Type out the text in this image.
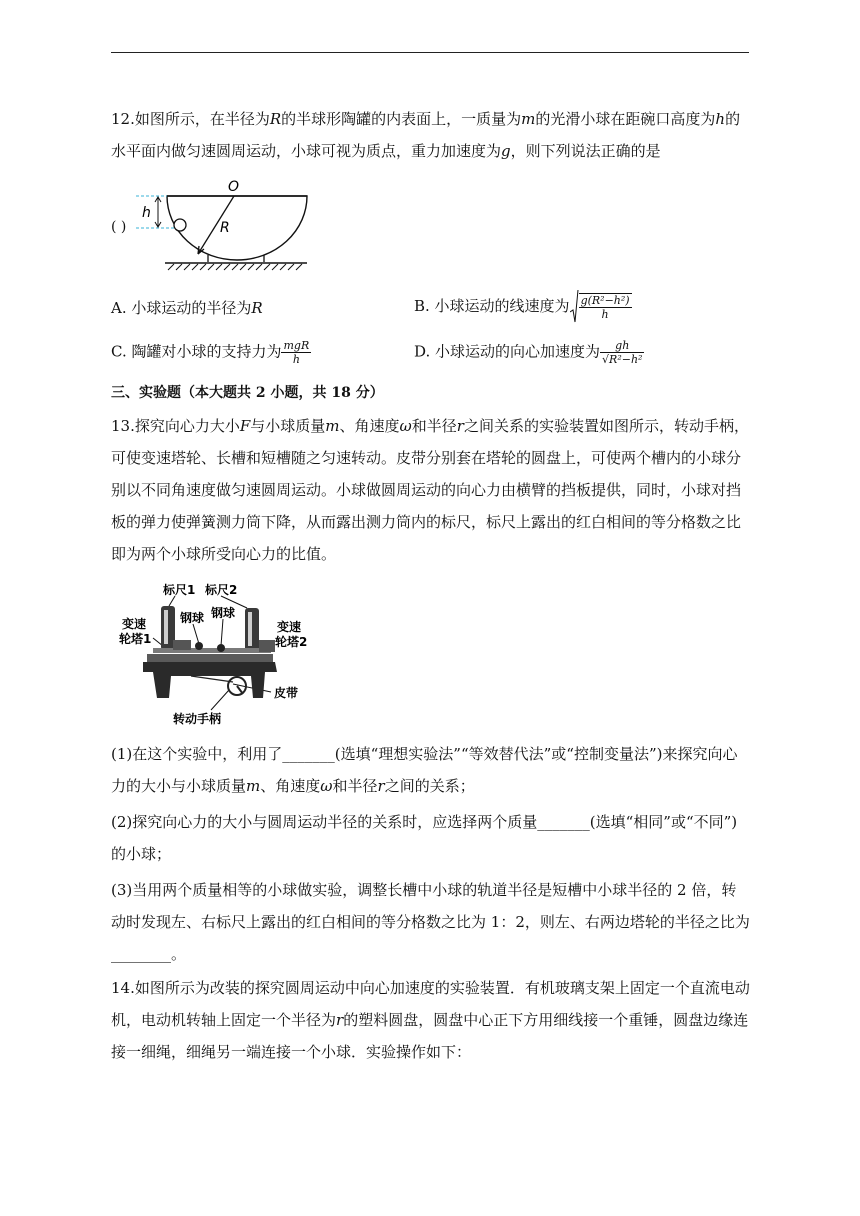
12.如图所示，在半径为R的半球形陶罐的内表面上，一质量为m的光滑小球在距碗口高度为h的水平面内做匀速圆周运动，小球可视为质点，重力加速度为g，则下列说法正确的是

( )
h
O
R
A. 小球运动的半径为R	B. 小球运动的线速度为 $\frac{\text{g(R²−h²)}}{h}$
C. 陶罐对小球的支持力为 $\frac{\text{mgR}}{h}$	D. 小球运动的向心加速度为 $\frac{gh}{\text{√R²−h²}}$
三、实验题（本大题共 2 小题，共 18 分）

13.探究向心力大小F与小球质量m、角速度ω和半径r之间关系的实验装置如图所示，转动手柄，可使变速塔轮、长槽和短槽随之匀速转动。皮带分别套在塔轮的圆盘上，可使两个槽内的小球分别以不同角速度做匀速圆周运动。小球做圆周运动的向心力由横臂的挡板提供，同时，小球对挡板的弹力使弹簧测力筒下降，从而露出测力筒内的标尺，标尺上露出的红白相间的等分格数之比即为两个小球所受向心力的比值。

标尺1 标尺2
钢球 钢球
变速
轮塔1
变速
轮塔2
皮带
转动手柄

(1)在这个实验中，利用了_______(选填“理想实验法”“等效替代法”或“控制变量法”)来探究向心力的大小与小球质量m、角速度ω和半径r之间的关系；

(2)探究向心力的大小与圆周运动半径的关系时，应选择两个质量_______(选填“相同”或“不同”)的小球；

(3)当用两个质量相等的小球做实验，调整长槽中小球的轨道半径是短槽中小球半径的 2 倍，转动时发现左、右标尺上露出的红白相间的等分格数之比为 1：2，则左、右两边塔轮的半径之比为________。

14.如图所示为改装的探究圆周运动中向心加速度的实验装置．有机玻璃支架上固定一个直流电动机，电动机转轴上固定一个半径为r的塑料圆盘，圆盘中心正下方用细线接一个重锤，圆盘边缘连接一细绳，细绳另一端连接一个小球．实验操作如下：
